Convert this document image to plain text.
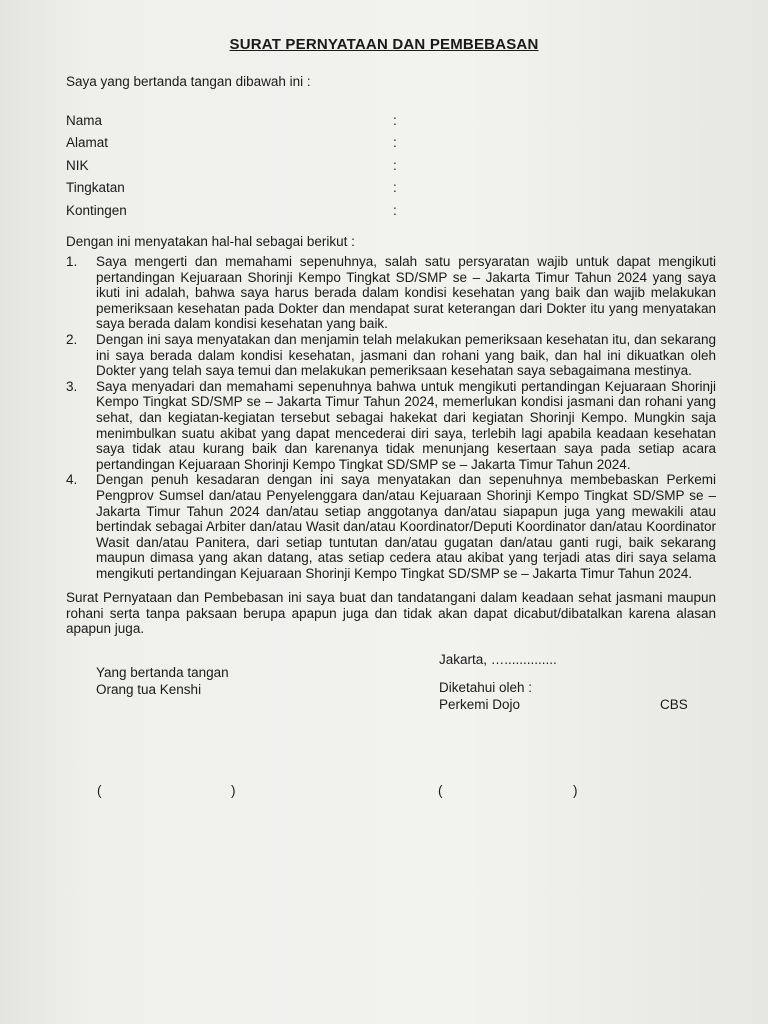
SURAT PERNYATAAN DAN PEMBEBASAN
Saya yang bertanda tangan dibawah ini :
Nama	:
Alamat	:
NIK	:
Tingkatan	:
Kontingen	:
Dengan ini menyatakan hal-hal sebagai berikut :
1. Saya mengerti dan memahami sepenuhnya, salah satu persyaratan wajib untuk dapat mengikuti pertandingan Kejuaraan Shorinji Kempo Tingkat SD/SMP se – Jakarta Timur Tahun 2024 yang saya ikuti ini adalah, bahwa saya harus berada dalam kondisi kesehatan yang baik dan wajib melakukan pemeriksaan kesehatan pada Dokter dan mendapat surat keterangan dari Dokter itu yang menyatakan saya berada dalam kondisi kesehatan yang baik.
2. Dengan ini saya menyatakan dan menjamin telah melakukan pemeriksaan kesehatan itu, dan sekarang ini saya berada dalam kondisi kesehatan, jasmani dan rohani yang baik, dan hal ini dikuatkan oleh Dokter yang telah saya temui dan melakukan pemeriksaan kesehatan saya sebagaimana mestinya.
3. Saya menyadari dan memahami sepenuhnya bahwa untuk mengikuti pertandingan Kejuaraan Shorinji Kempo Tingkat SD/SMP se – Jakarta Timur Tahun 2024, memerlukan kondisi jasmani dan rohani yang sehat, dan kegiatan-kegiatan tersebut sebagai hakekat dari kegiatan Shorinji Kempo. Mungkin saja menimbulkan suatu akibat yang dapat mencederai diri saya, terlebih lagi apabila keadaan kesehatan saya tidak atau kurang baik dan karenanya tidak menunjang kesertaan saya pada setiap acara pertandingan Kejuaraan Shorinji Kempo Tingkat SD/SMP se – Jakarta Timur Tahun 2024.
4. Dengan penuh kesadaran dengan ini saya menyatakan dan sepenuhnya membebaskan Perkemi Pengprov Sumsel dan/atau Penyelenggara dan/atau Kejuaraan Shorinji Kempo Tingkat SD/SMP se – Jakarta Timur Tahun 2024 dan/atau setiap anggotanya dan/atau siapapun juga yang mewakili atau bertindak sebagai Arbiter dan/atau Wasit dan/atau Koordinator/Deputi Koordinator dan/atau Koordinator Wasit dan/atau Panitera, dari setiap tuntutan dan/atau gugatan dan/atau ganti rugi, baik sekarang maupun dimasa yang akan datang, atas setiap cedera atau akibat yang terjadi atas diri saya selama mengikuti pertandingan Kejuaraan Shorinji Kempo Tingkat SD/SMP se – Jakarta Timur Tahun 2024.
Surat Pernyataan dan Pembebasan ini saya buat dan tandatangani dalam keadaan sehat jasmani maupun rohani serta tanpa paksaan berupa apapun juga dan tidak akan dapat dicabut/dibatalkan karena alasan apapun juga.
Jakarta, …..............
Yang bertanda tangan
Orang tua Kenshi	Diketahui oleh :
Perkemi Dojo	CBS
(	)	(	)
